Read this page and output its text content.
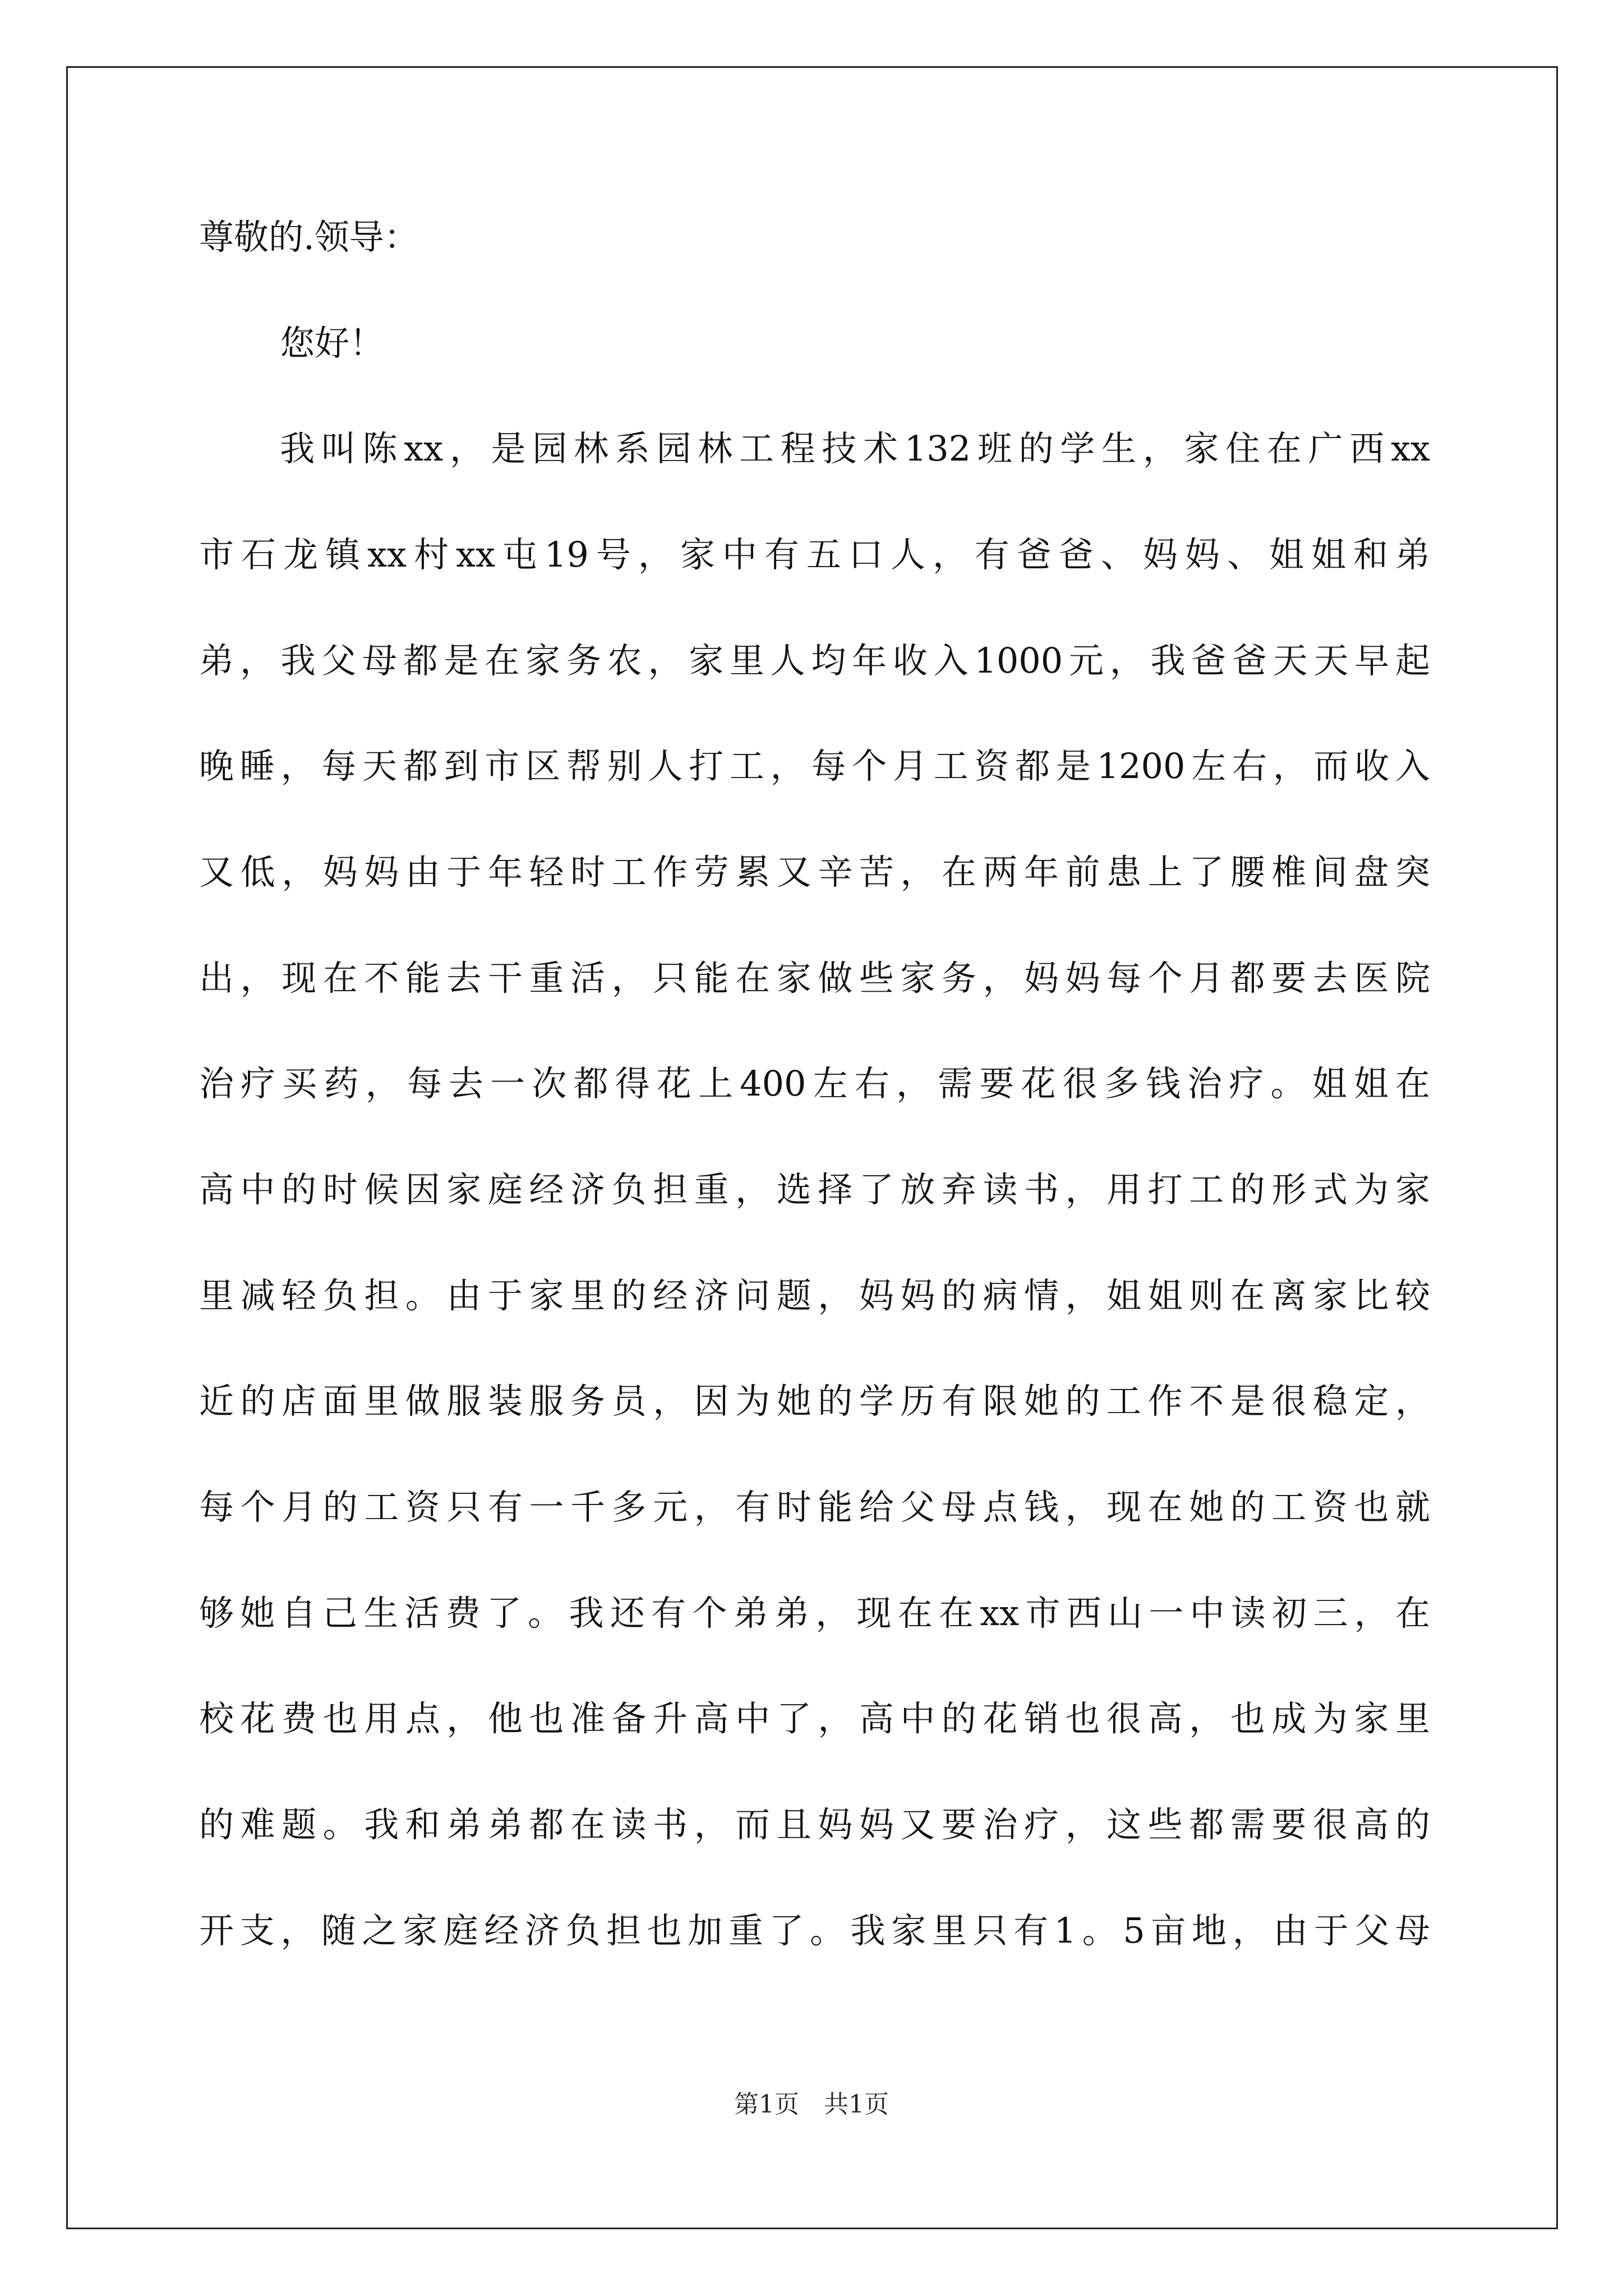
尊敬的.领导：
您好！
我叫陈xx，是园林系园林工程技术132班的学生，家住在广西xx
市石龙镇xx村xx屯19号，家中有五口人，有爸爸、妈妈、姐姐和弟
弟，我父母都是在家务农，家里人均年收入1000元，我爸爸天天早起
晚睡，每天都到市区帮别人打工，每个月工资都是1200左右，而收入
又低，妈妈由于年轻时工作劳累又辛苦，在两年前患上了腰椎间盘突
出，现在不能去干重活，只能在家做些家务，妈妈每个月都要去医院
治疗买药，每去一次都得花上400左右，需要花很多钱治疗。姐姐在
高中的时候因家庭经济负担重，选择了放弃读书，用打工的形式为家
里减轻负担。由于家里的经济问题，妈妈的病情，姐姐则在离家比较
近的店面里做服装服务员，因为她的学历有限她的工作不是很稳定，
每个月的工资只有一千多元，有时能给父母点钱，现在她的工资也就
够她自己生活费了。我还有个弟弟，现在在xx市西山一中读初三，在
校花费也用点，他也准备升高中了，高中的花销也很高，也成为家里
的难题。我和弟弟都在读书，而且妈妈又要治疗，这些都需要很高的
开支，随之家庭经济负担也加重了。我家里只有1。5亩地，由于父母
第1页　共1页
